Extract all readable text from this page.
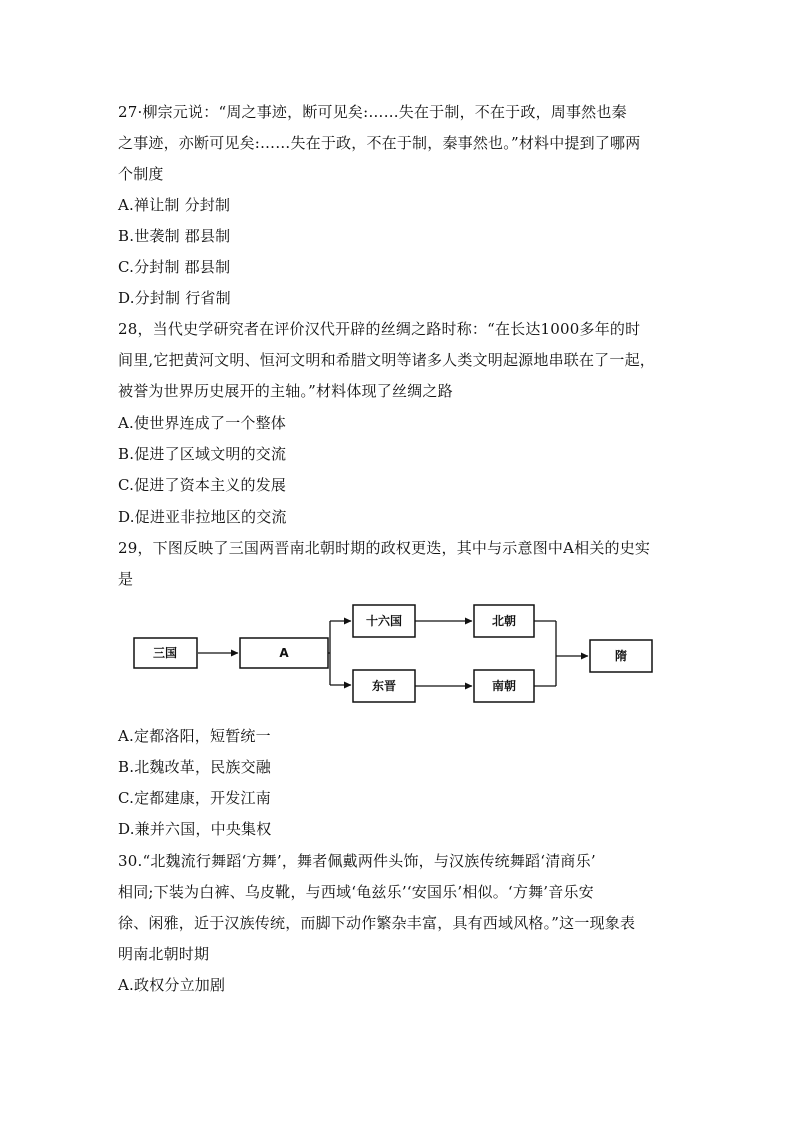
27·柳宗元说：“周之事迹，断可见矣:……失在于制，不在于政，周事然也秦
之事迹，亦断可见矣:……失在于政，不在于制，秦事然也。”材料中提到了哪两
个制度
A.禅让制 分封制
B.世袭制 郡县制
C.分封制 郡县制
D.分封制 行省制
28，当代史学研究者在评价汉代开辟的丝绸之路时称：“在长达1000多年的时
间里,它把黄河文明、恒河文明和希腊文明等诸多人类文明起源地串联在了一起，
被誉为世界历史展开的主轴。”材料体现了丝绸之路
A.使世界连成了一个整体
B.促进了区域文明的交流
C.促进了资本主义的发展
D.促进亚非拉地区的交流
29，下图反映了三国两晋南北朝时期的政权更迭，其中与示意图中A相关的史实
是
三国	A
十六国
东晋
北朝
南朝
隋
A.定都洛阳，短暂统一
B.北魏改革，民族交融
C.定都建康，开发江南
D.兼并六国，中央集权
30.“北魏流行舞蹈‘方舞’，舞者佩戴两件头饰，与汉族传统舞蹈‘清商乐’
相同;下装为白裤、乌皮靴，与西域‘龟兹乐’‘安国乐’相似。‘方舞’音乐安
徐、闲雅，近于汉族传统，而脚下动作繁杂丰富，具有西域风格。”这一现象表
明南北朝时期
A.政权分立加剧
